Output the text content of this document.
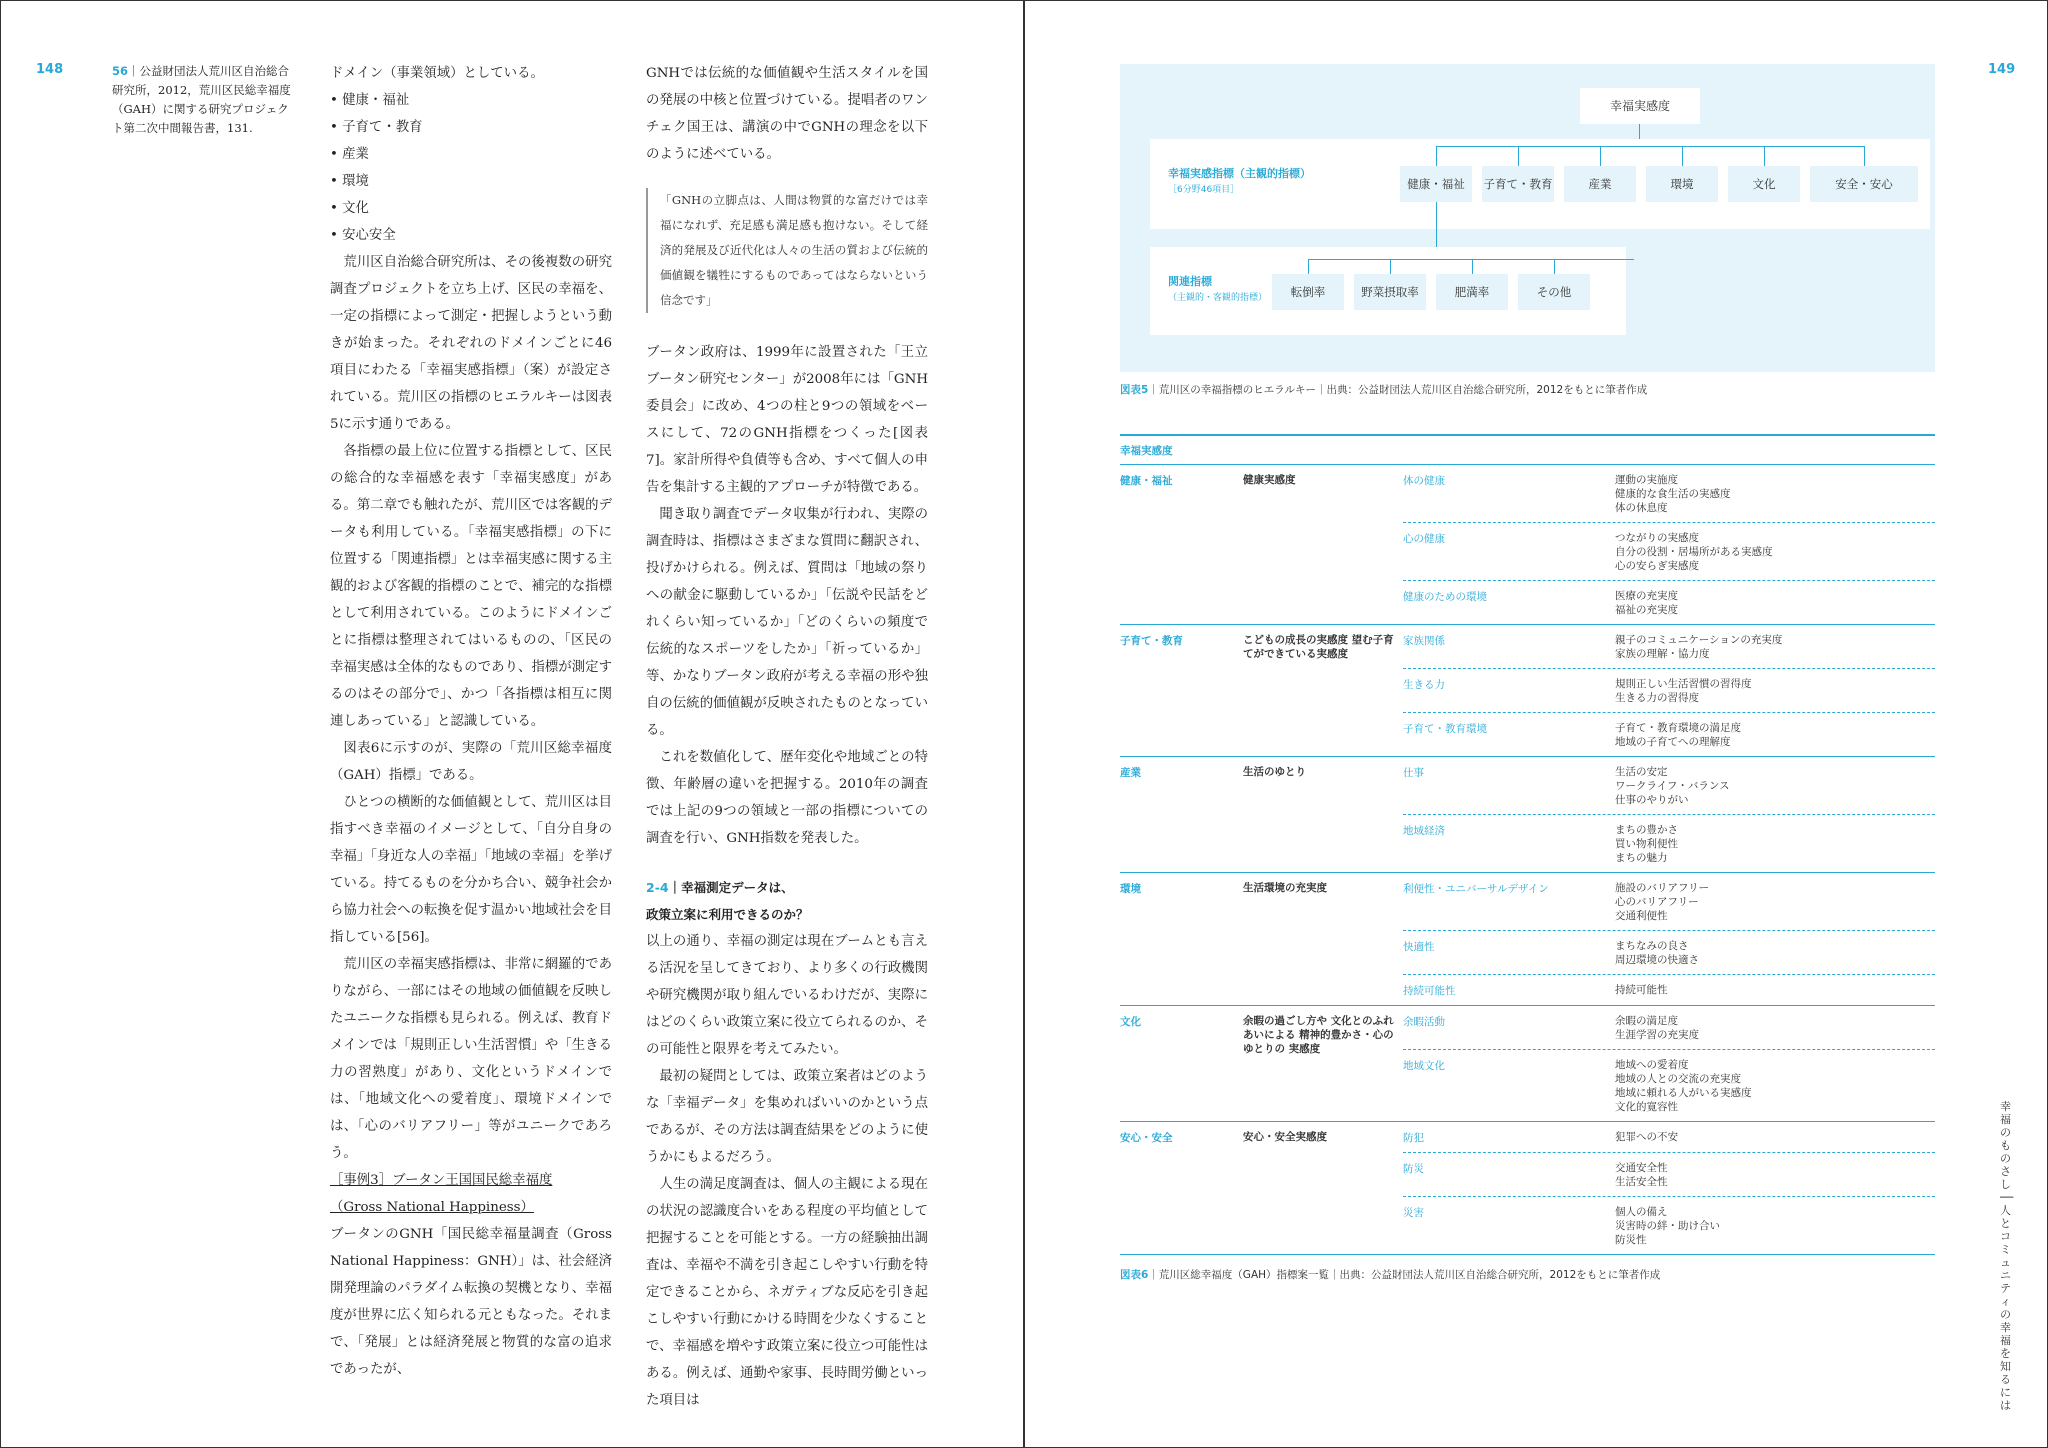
148	149
56｜公益財団法人荒川区自治総合研究所，2012，荒川区民総幸福度（GAH）に関する研究プロジェクト第二次中間報告書，131.

ドメイン（事業領域）としている。

• 健康・福祉

• 子育て・教育

• 産業

• 環境

• 文化

• 安心安全

荒川区自治総合研究所は、その後複数の研究調査プロジェクトを立ち上げ、区民の幸福を、一定の指標によって測定・把握しようという動きが始まった。それぞれのドメインごとに46項目にわたる「幸福実感指標」（案）が設定されている。荒川区の指標のヒエラルキーは図表5に示す通りである。

各指標の最上位に位置する指標として、区民の総合的な幸福感を表す「幸福実感度」がある。第二章でも触れたが、荒川区では客観的データも利用している。「幸福実感指標」の下に位置する「関連指標」とは幸福実感に関する主観的および客観的指標のことで、補完的な指標として利用されている。このようにドメインごとに指標は整理されてはいるものの、「区民の幸福実感は全体的なものであり、指標が測定するのはその部分で」、かつ「各指標は相互に関連しあっている」と認識している。

図表6に示すのが、実際の「荒川区総幸福度（GAH）指標」である。

ひとつの横断的な価値観として、荒川区は目指すべき幸福のイメージとして、「自分自身の幸福」「身近な人の幸福」「地域の幸福」を挙げている。持てるものを分かち合い、競争社会から協力社会への転換を促す温かい地域社会を目指している[56]。

荒川区の幸福実感指標は、非常に網羅的でありながら、一部にはその地域の価値観を反映したユニークな指標も見られる。例えば、教育ドメインでは「規則正しい生活習慣」や「生きる力の習熟度」があり、文化というドメインでは、「地域文化への愛着度」、環境ドメインでは、「心のバリアフリー」等がユニークであろう。

［事例3］ブータン王国国民総幸福度

（Gross National Happiness）

ブータンのGNH「国民総幸福量調査（Gross National Happiness：GNH）」は、社会経済開発理論のパラダイム転換の契機となり、幸福度が世界に広く知られる元ともなった。それまで、「発展」とは経済発展と物質的な富の追求であったが、

GNHでは伝統的な価値観や生活スタイルを国の発展の中核と位置づけている。提唱者のワンチェク国王は、講演の中でGNHの理念を以下のように述べている。

「GNHの立脚点は、人間は物質的な富だけでは幸福になれず、充足感も満足感も抱けない。そして経済的発展及び近代化は人々の生活の質および伝統的価値観を犠牲にするものであってはならないという信念です」

ブータン政府は、1999年に設置された「王立ブータン研究センター」が2008年には「GNH委員会」に改め、4つの柱と9つの領域をベースにして、72のGNH指標をつくった[図表7]。家計所得や負債等も含め、すべて個人の申告を集計する主観的アプローチが特徴である。

聞き取り調査でデータ収集が行われ、実際の調査時は、指標はさまざまな質問に翻訳され、投げかけられる。例えば、質問は「地域の祭りへの献金に駆動しているか」「伝説や民話をどれくらい知っているか」「どのくらいの頻度で伝統的なスポーツをしたか」「祈っているか」等、かなりブータン政府が考える幸福の形や独自の伝統的価値観が反映されたものとなっている。

これを数値化して、歴年変化や地域ごとの特徴、年齢層の違いを把握する。2010年の調査では上記の9つの領域と一部の指標についての調査を行い、GNH指数を発表した。

2-4｜幸福測定データは、
政策立案に利用できるのか？

以上の通り、幸福の測定は現在ブームとも言える活況を呈してきており、より多くの行政機関や研究機関が取り組んでいるわけだが、実際にはどのくらい政策立案に役立てられるのか、その可能性と限界を考えてみたい。

最初の疑問としては、政策立案者はどのような「幸福データ」を集めればいいのかという点であるが、その方法は調査結果をどのように使うかにもよるだろう。

人生の満足度調査は、個人の主観による現在の状況の認識度合いをある程度の平均値として把握することを可能とする。一方の経験抽出調査は、幸福や不満を引き起こしやすい行動を特定できることから、ネガティブな反応を引き起こしやすい行動にかける時間を少なくすることで、幸福感を増やす政策立案に役立つ可能性はある。例えば、通勤や家事、長時間労働といった項目は

幸福実感度
幸福実感指標（主観的指標）
［6分野46項目］	健康・福祉	子育て・教育	産業	環境	文化	安全・安心
関連指標
（主観的・客観的指標）	転倒率	野菜摂取率	肥満率	その他
図表5｜荒川区の幸福指標のヒエラルキー｜出典：公益財団法人荒川区自治総合研究所，2012をもとに筆者作成
幸福実感度
健康・福祉	健康実感度	体の健康	運動の実施度
健康的な食生活の実感度
体の休息度
心の健康	つながりの実感度
自分の役割・居場所がある実感度
心の安らぎ実感度
健康のための環境	医療の充実度
福祉の充実度
子育て・教育	こどもの成長の実感度 望む子育てができている実感度
家族関係	親子のコミュニケーションの充実度
家族の理解・協力度
生きる力	規則正しい生活習慣の習得度
生きる力の習得度
子育て・教育環境	子育て・教育環境の満足度
地域の子育てへの理解度
産業	生活のゆとり	仕事	生活の安定
ワークライフ・バランス
仕事のやりがい
地域経済	まちの豊かさ
買い物利便性
まちの魅力
環境	生活環境の充実度	利便性・ユニバーサルデザイン	施設のバリアフリー
心のバリアフリー
交通利便性
快適性	まちなみの良さ
周辺環境の快適さ
持続可能性	持続可能性
文化	余暇の過ごし方や 文化とのふれあいによる 精神的豊かさ・心のゆとりの 実感度
余暇活動	余暇の満足度
生涯学習の充実度
地域文化	地域への愛着度
地域の人との交流の充実度
地域に頼れる人がいる実感度
文化的寛容性
安心・安全	安心・安全実感度	防犯	犯罪への不安
防災	交通安全性
生活安全性
災害	個人の備え
災害時の絆・助け合い
防災性
図表6｜荒川区総幸福度（GAH）指標案一覧｜出典：公益財団法人荒川区自治総合研究所，2012をもとに筆者作成
幸福のものさし──人とコミュニティの幸福を知るには
